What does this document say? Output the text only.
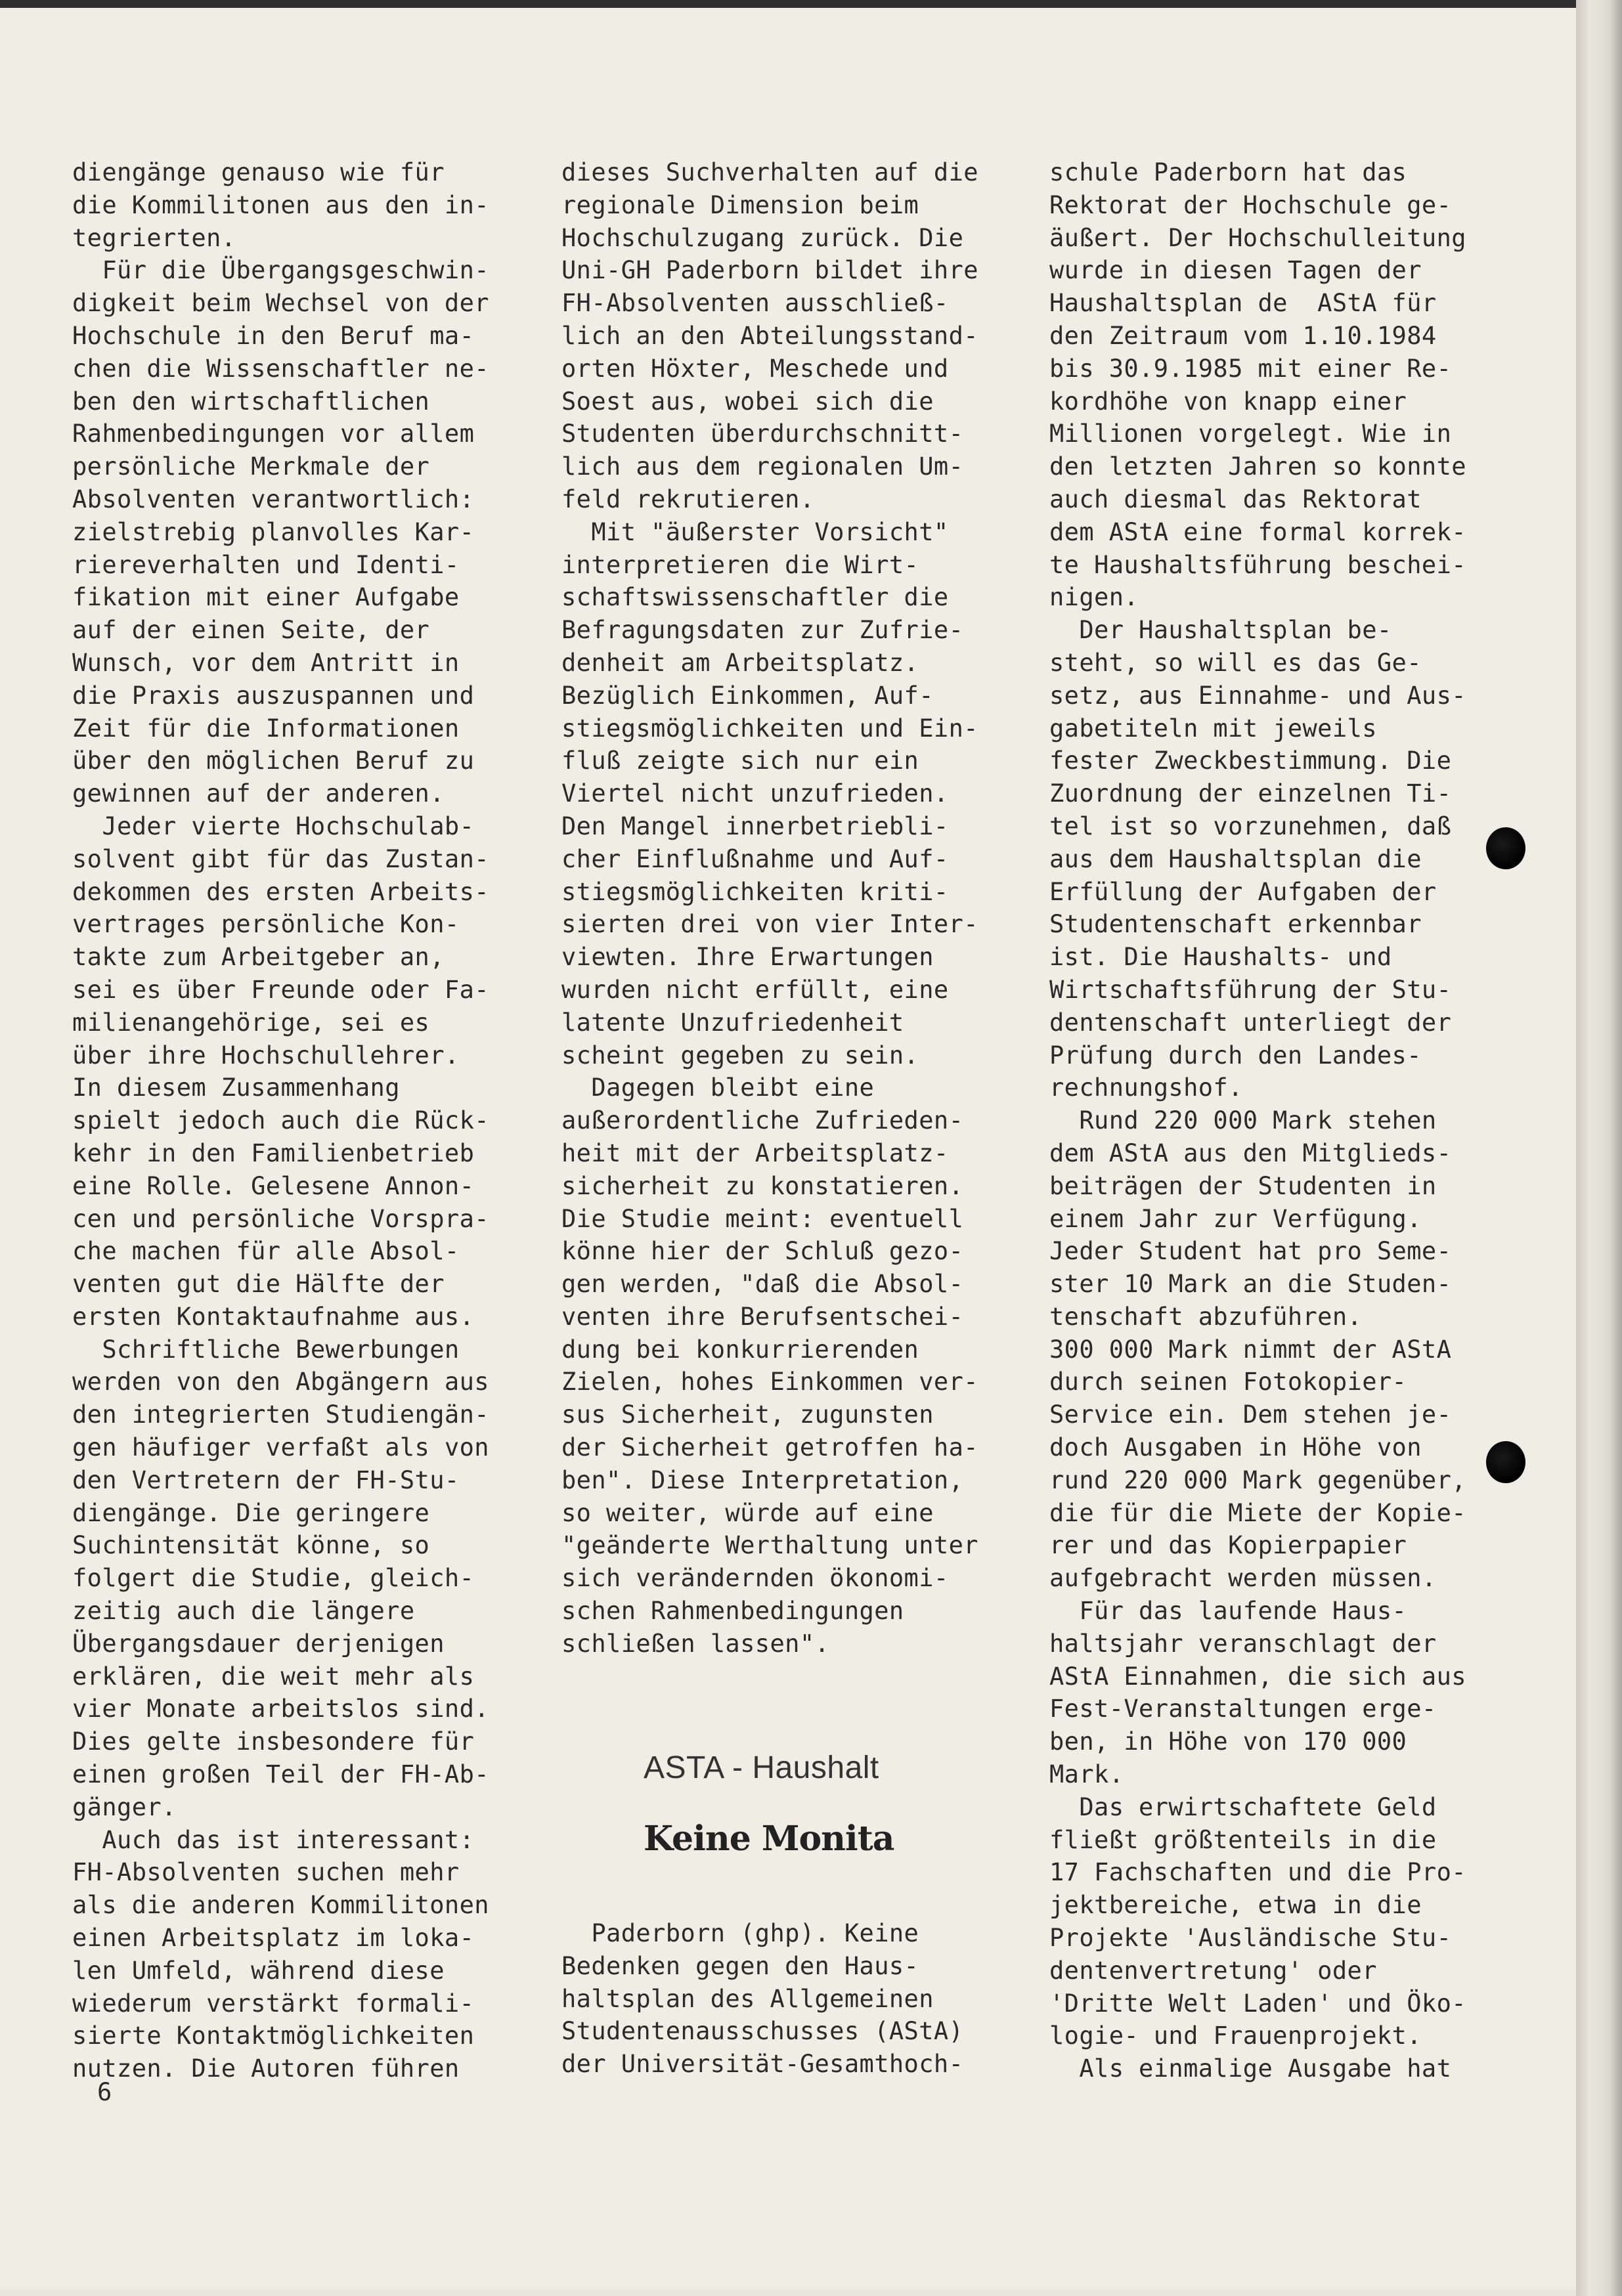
diengänge genauso wie für

die Kommilitonen aus den in-

tegrierten.

Für die Übergangsgeschwin-

digkeit beim Wechsel von der

Hochschule in den Beruf ma-

chen die Wissenschaftler ne-

ben den wirtschaftlichen

Rahmenbedingungen vor allem

persönliche Merkmale der

Absolventen verantwortlich:

zielstrebig planvolles Kar-

riereverhalten und Identi-

fikation mit einer Aufgabe

auf der einen Seite, der

Wunsch, vor dem Antritt in

die Praxis auszuspannen und

Zeit für die Informationen

über den möglichen Beruf zu

gewinnen auf der anderen.

Jeder vierte Hochschulab-

solvent gibt für das Zustan-

dekommen des ersten Arbeits-

vertrages persönliche Kon-

takte zum Arbeitgeber an,

sei es über Freunde oder Fa-

milienangehörige, sei es

über ihre Hochschullehrer.

In diesem Zusammenhang

spielt jedoch auch die Rück-

kehr in den Familienbetrieb

eine Rolle. Gelesene Annon-

cen und persönliche Vorspra-

che machen für alle Absol-

venten gut die Hälfte der

ersten Kontaktaufnahme aus.

Schriftliche Bewerbungen

werden von den Abgängern aus

den integrierten Studiengän-

gen häufiger verfaßt als von

den Vertretern der FH-Stu-

diengänge. Die geringere

Suchintensität könne, so

folgert die Studie, gleich-

zeitig auch die längere

Übergangsdauer derjenigen

erklären, die weit mehr als

vier Monate arbeitslos sind.

Dies gelte insbesondere für

einen großen Teil der FH-Ab-

gänger.

Auch das ist interessant:

FH-Absolventen suchen mehr

als die anderen Kommilitonen

einen Arbeitsplatz im loka-

len Umfeld, während diese

wiederum verstärkt formali-

sierte Kontaktmöglichkeiten

nutzen. Die Autoren führen

dieses Suchverhalten auf die

regionale Dimension beim

Hochschulzugang zurück. Die

Uni-GH Paderborn bildet ihre

FH-Absolventen ausschließ-

lich an den Abteilungsstand-

orten Höxter, Meschede und

Soest aus, wobei sich die

Studenten überdurchschnitt-

lich aus dem regionalen Um-

feld rekrutieren.

Mit "äußerster Vorsicht"

interpretieren die Wirt-

schaftswissenschaftler die

Befragungsdaten zur Zufrie-

denheit am Arbeitsplatz.

Bezüglich Einkommen, Auf-

stiegsmöglichkeiten und Ein-

fluß zeigte sich nur ein

Viertel nicht unzufrieden.

Den Mangel innerbetriebli-

cher Einflußnahme und Auf-

stiegsmöglichkeiten kriti-

sierten drei von vier Inter-

viewten. Ihre Erwartungen

wurden nicht erfüllt, eine

latente Unzufriedenheit

scheint gegeben zu sein.

Dagegen bleibt eine

außerordentliche Zufrieden-

heit mit der Arbeitsplatz-

sicherheit zu konstatieren.

Die Studie meint: eventuell

könne hier der Schluß gezo-

gen werden, "daß die Absol-

venten ihre Berufsentschei-

dung bei konkurrierenden

Zielen, hohes Einkommen ver-

sus Sicherheit, zugunsten

der Sicherheit getroffen ha-

ben". Diese Interpretation,

so weiter, würde auf eine

"geänderte Werthaltung unter

sich verändernden ökonomi-

schen Rahmenbedingungen

schließen lassen".

schule Paderborn hat das

Rektorat der Hochschule ge-

äußert. Der Hochschulleitung

wurde in diesen Tagen der

Haushaltsplan de  AStA für

den Zeitraum vom 1.10.1984

bis 30.9.1985 mit einer Re-

kordhöhe von knapp einer

Millionen vorgelegt. Wie in

den letzten Jahren so konnte

auch diesmal das Rektorat

dem AStA eine formal korrek-

te Haushaltsführung beschei-

nigen.

Der Haushaltsplan be-

steht, so will es das Ge-

setz, aus Einnahme- und Aus-

gabetiteln mit jeweils

fester Zweckbestimmung. Die

Zuordnung der einzelnen Ti-

tel ist so vorzunehmen, daß

aus dem Haushaltsplan die

Erfüllung der Aufgaben der

Studentenschaft erkennbar

ist. Die Haushalts- und

Wirtschaftsführung der Stu-

dentenschaft unterliegt der

Prüfung durch den Landes-

rechnungshof.

Rund 220 000 Mark stehen

dem AStA aus den Mitglieds-

beiträgen der Studenten in

einem Jahr zur Verfügung.

Jeder Student hat pro Seme-

ster 10 Mark an die Studen-

tenschaft abzuführen.

300 000 Mark nimmt der AStA

durch seinen Fotokopier-

Service ein. Dem stehen je-

doch Ausgaben in Höhe von

rund 220 000 Mark gegenüber,

die für die Miete der Kopie-

rer und das Kopierpapier

aufgebracht werden müssen.

Für das laufende Haus-

haltsjahr veranschlagt der

AStA Einnahmen, die sich aus

Fest-Veranstaltungen erge-

ben, in Höhe von 170 000

Mark.

Das erwirtschaftete Geld

fließt größtenteils in die

17 Fachschaften und die Pro-

jektbereiche, etwa in die

Projekte 'Ausländische Stu-

dentenvertretung' oder

'Dritte Welt Laden' und Öko-

logie- und Frauenprojekt.

Als einmalige Ausgabe hat

Paderborn (ghp). Keine

Bedenken gegen den Haus-

haltsplan des Allgemeinen

Studentenausschusses (AStA)

der Universität-Gesamthoch-

ASTA - Haushalt
Keine Monita
6
